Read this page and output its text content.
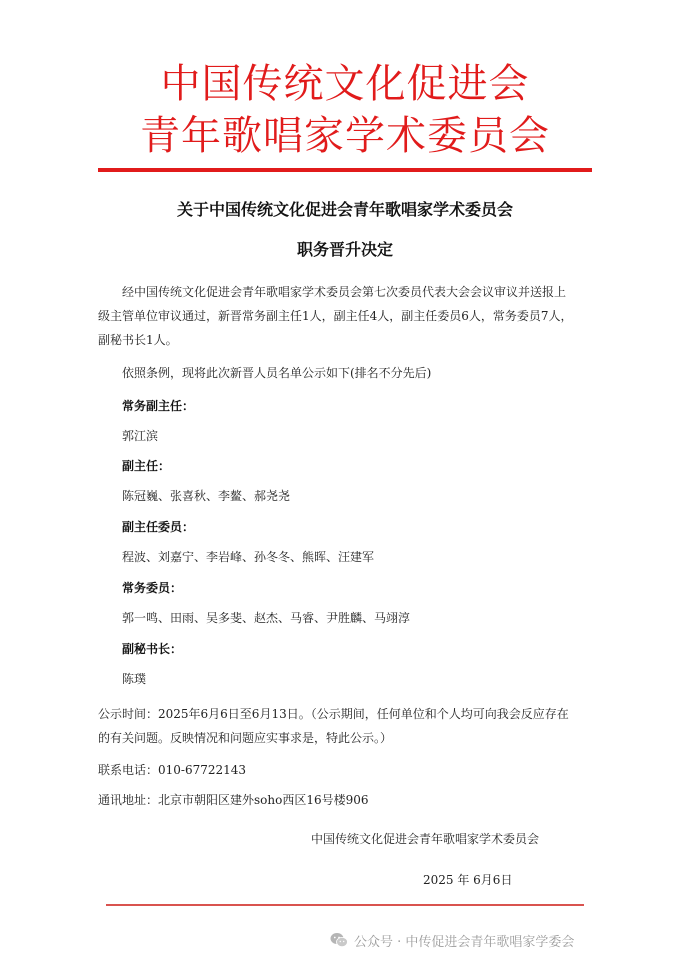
中国传统文化促进会
青年歌唱家学术委员会
关于中国传统文化促进会青年歌唱家学术委员会
职务晋升决定
经中国传统文化促进会青年歌唱家学术委员会第七次委员代表大会会议审议并送报上
级主管单位审议通过，新晋常务副主任1人，副主任4人，副主任委员6人，常务委员7人，
副秘书长1人。
依照条例，现将此次新晋人员名单公示如下(排名不分先后)
常务副主任：
郭江滨
副主任：
陈冠巍、张喜秋、李鳌、郝尧尧
副主任委员：
程波、刘嘉宁、李岩峰、孙冬冬、熊晖、汪建军
常务委员：
郭一鸣、田雨、吴多斐、赵杰、马睿、尹胜麟、马翊淳
副秘书长：
陈璞
公示时间：2025年6月6日至6月13日。（公示期间，任何单位和个人均可向我会反应存在
的有关问题。反映情况和问题应实事求是，特此公示。）
联系电话：010-67722143
通讯地址：北京市朝阳区建外soho西区16号楼906
中国传统文化促进会青年歌唱家学术委员会
2025 年 6月6日
公众号 · 中传促进会青年歌唱家学委会
